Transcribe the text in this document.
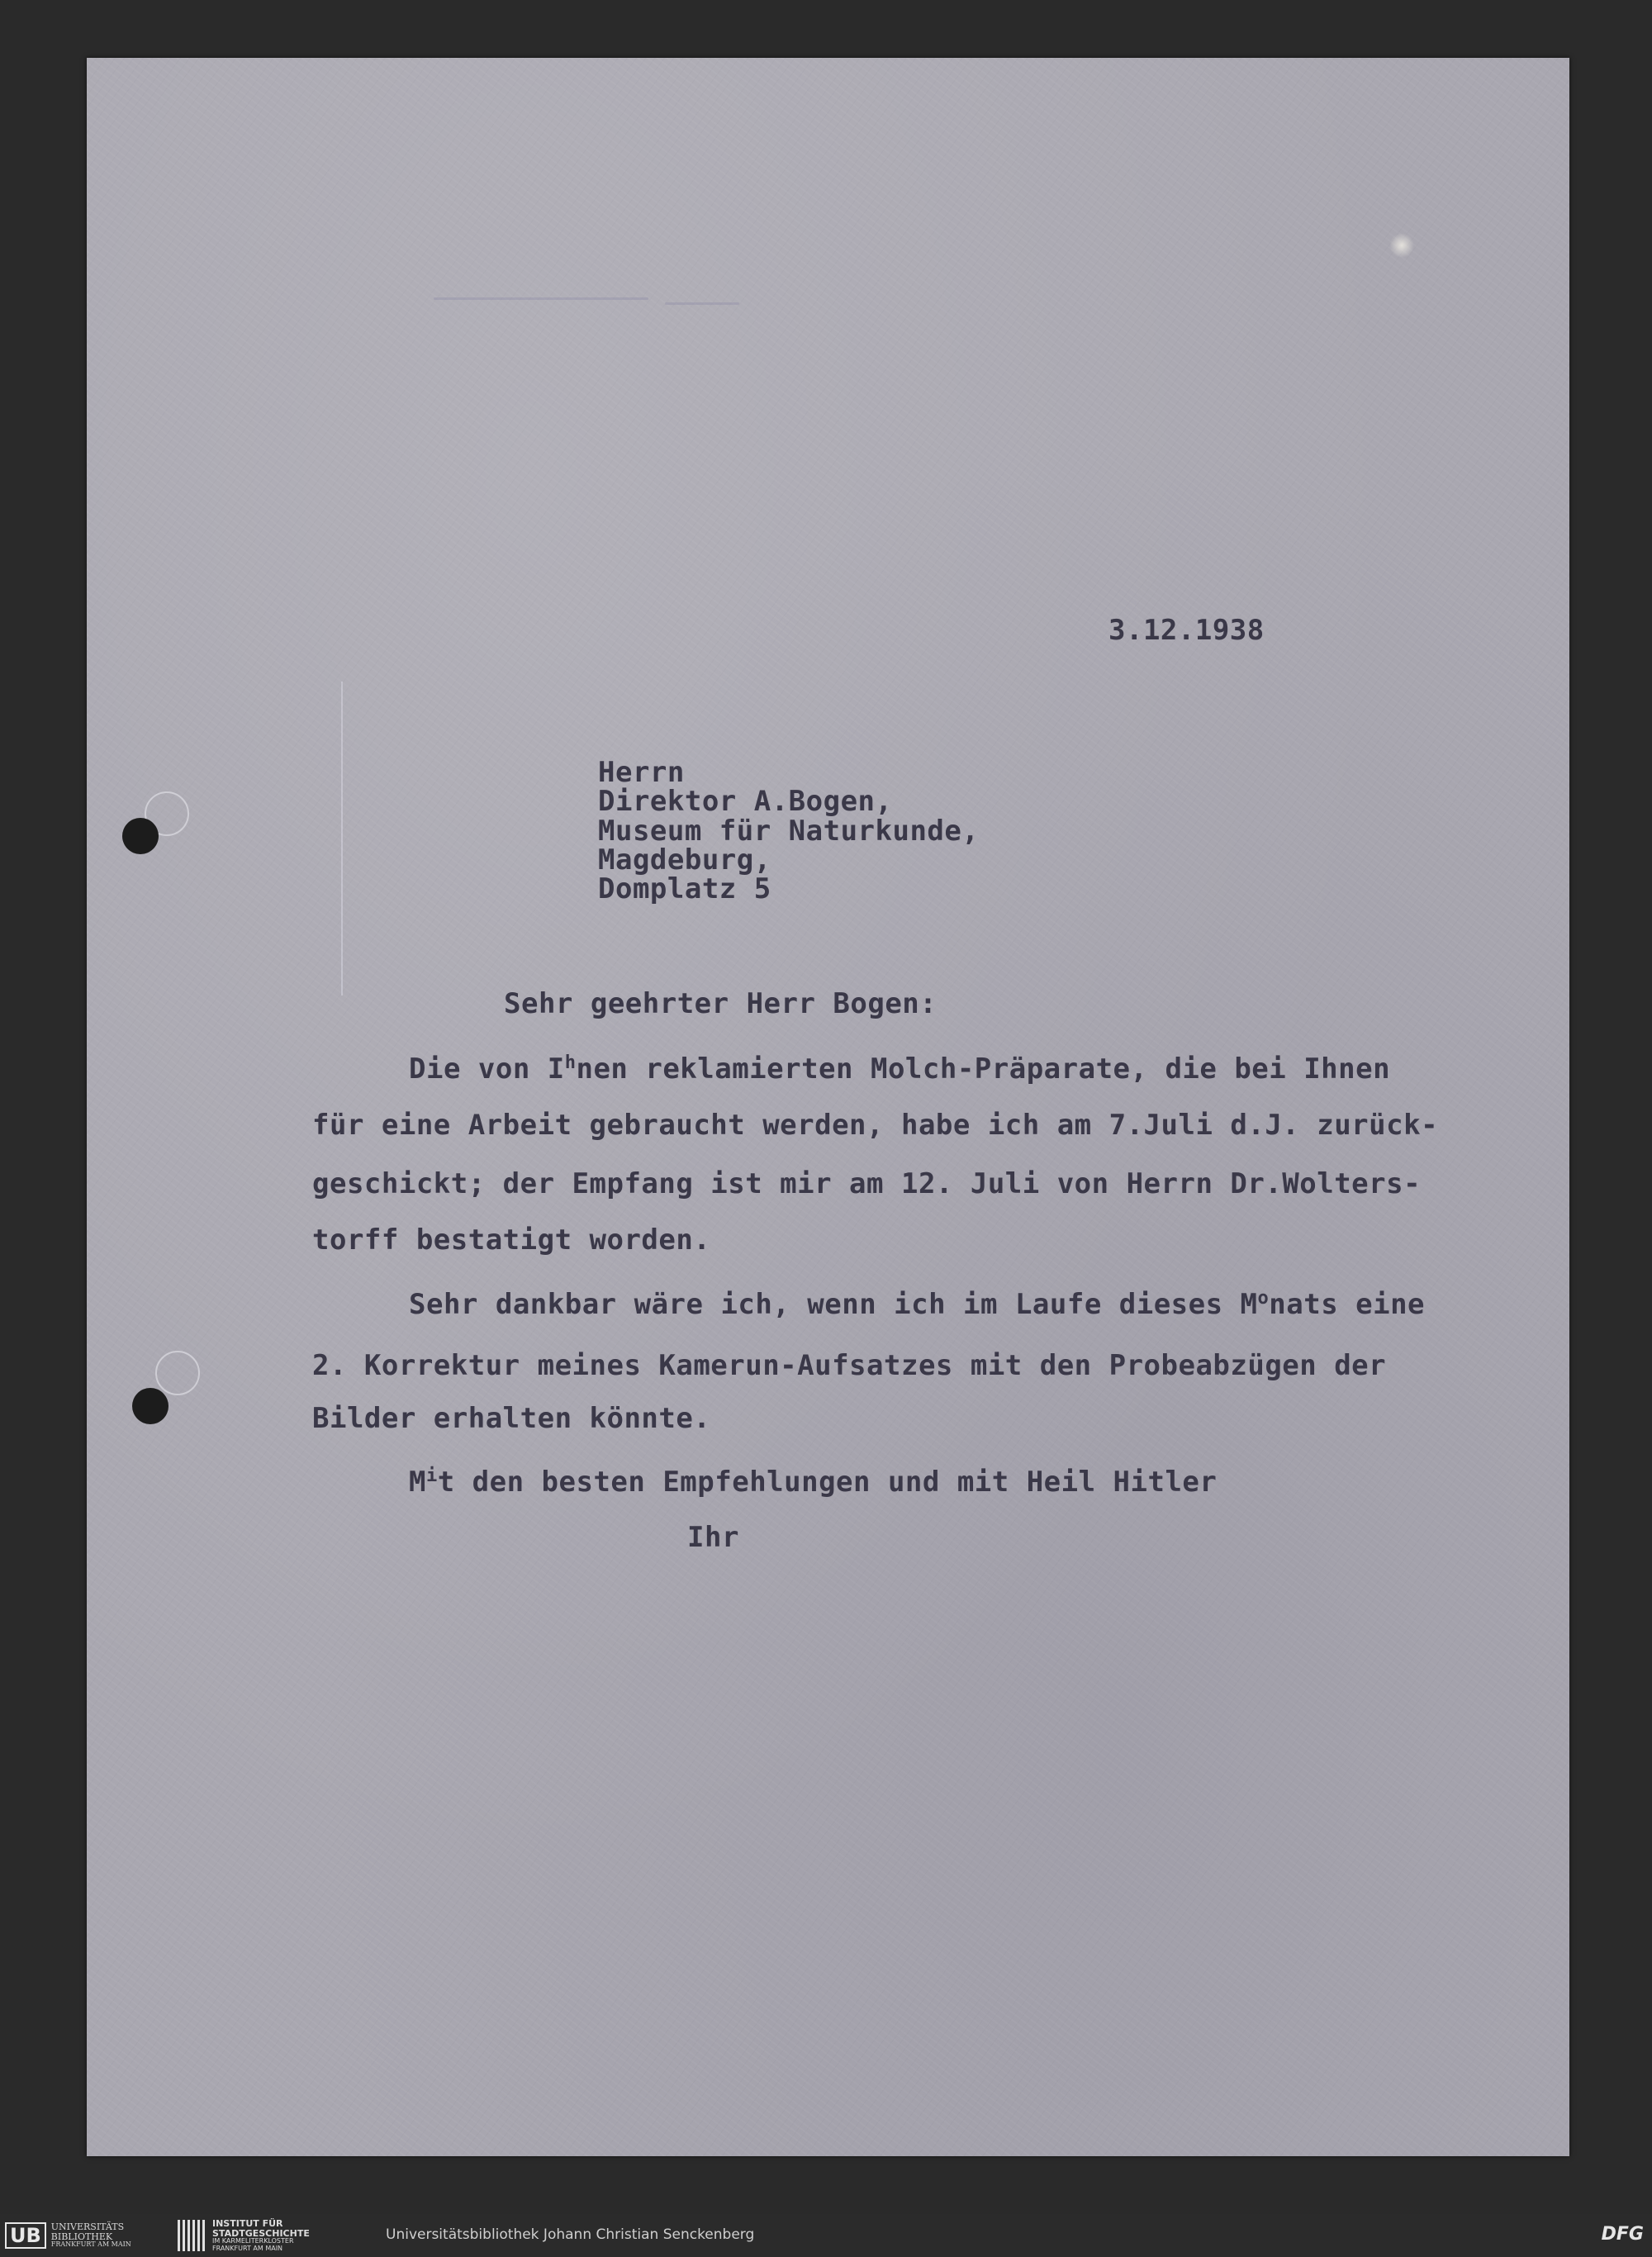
3.12.1938
Herrn
Direktor A.Bogen,
Museum für Naturkunde,
Magdeburg,
Domplatz 5
Sehr geehrter Herr Bogen:
Die von $I^hnen$ reklamierten Molch-Präparate, die bei Ihnen
für eine Arbeit gebraucht werden, habe ich am 7.Juli d.J. zurück-
geschickt; der Empfang ist mir am 12. Juli von Herrn Dr.Wolters-
torff bestatigt worden.
Sehr dankbar wäre ich, wenn ich im Laufe dieses $M^onats$ eine
2. Korrektur meines Kamerun-Aufsatzes mit den Probeabzügen der
Bilder erhalten könnte.
$M^it$ den besten Empfehlungen und mit Heil Hitler
Ihr
UB	UNIVERSITÄTS
BIBLIOTHEK
FRANKFURT AM MAIN
INSTITUT FÜR
STADTGESCHICHTE
IM KARMELITERKLOSTER
FRANKFURT AM MAIN
Universitätsbibliothek Johann Christian Senckenberg	DFG
